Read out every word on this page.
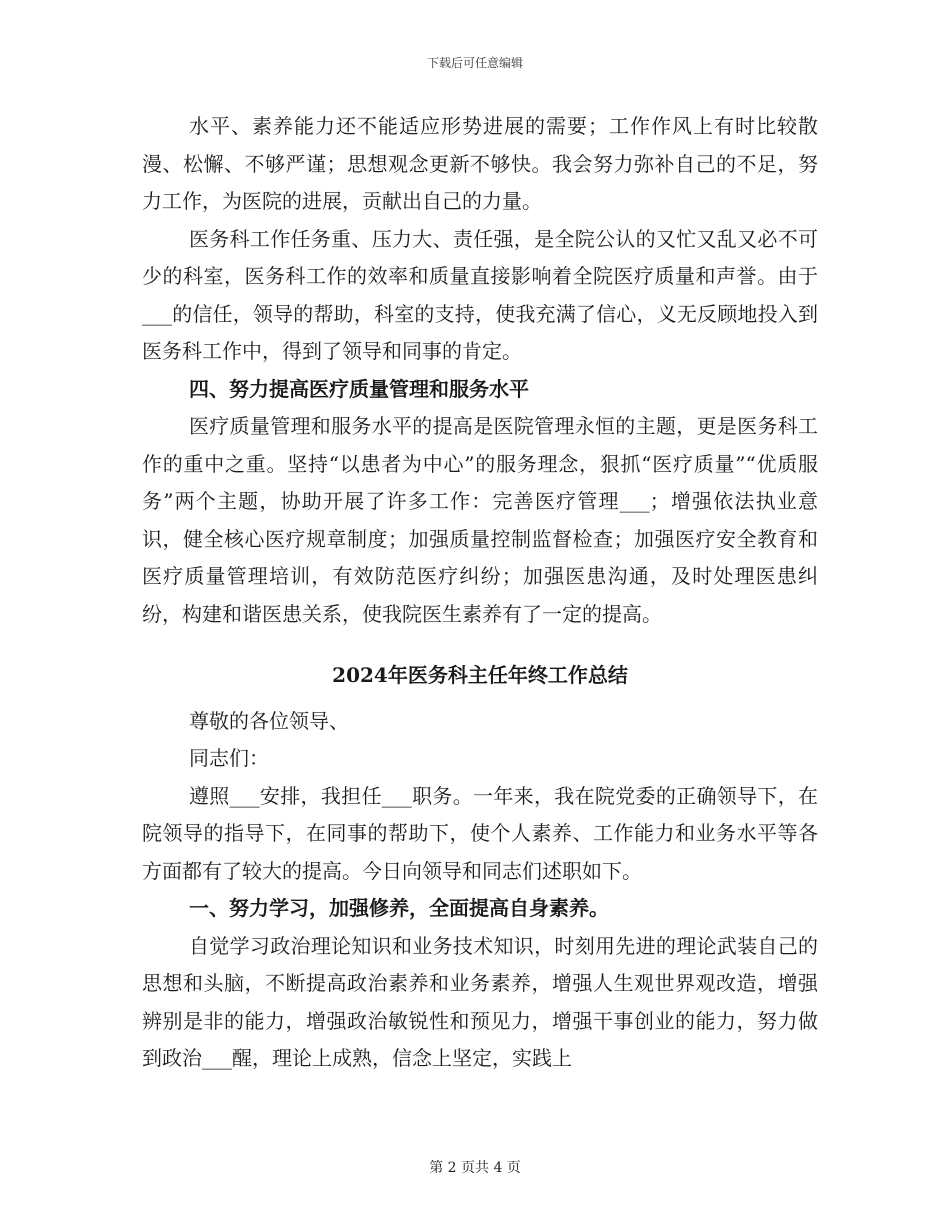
下载后可任意编辑

水平、素养能力还不能适应形势进展的需要；工作作风上有时比较散漫、松懈、不够严谨；思想观念更新不够快。我会努力弥补自己的不足，努力工作，为医院的进展，贡献出自己的力量。

医务科工作任务重、压力大、责任强，是全院公认的又忙又乱又必不可少的科室，医务科工作的效率和质量直接影响着全院医疗质量和声誉。由于___的信任，领导的帮助，科室的支持，使我充满了信心，义无反顾地投入到医务科工作中，得到了领导和同事的肯定。

四、努力提高医疗质量管理和服务水平

医疗质量管理和服务水平的提高是医院管理永恒的主题，更是医务科工作的重中之重。坚持“以患者为中心”的服务理念，狠抓“医疗质量”“优质服务”两个主题，协助开展了许多工作：完善医疗管理___；增强依法执业意识，健全核心医疗规章制度；加强质量控制监督检查；加强医疗安全教育和医疗质量管理培训，有效防范医疗纠纷；加强医患沟通，及时处理医患纠纷，构建和谐医患关系，使我院医生素养有了一定的提高。

2024年医务科主任年终工作总结

尊敬的各位领导、

同志们：

遵照___安排，我担任___职务。一年来，我在院党委的正确领导下，在院领导的指导下，在同事的帮助下，使个人素养、工作能力和业务水平等各方面都有了较大的提高。今日向领导和同志们述职如下。

一、努力学习，加强修养，全面提高自身素养。

自觉学习政治理论知识和业务技术知识，时刻用先进的理论武装自己的思想和头脑，不断提高政治素养和业务素养，增强人生观世界观改造，增强辨别是非的能力，增强政治敏锐性和预见力，增强干事创业的能力，努力做到政治___醒，理论上成熟，信念上坚定，实践上

第 2 页共 4 页
